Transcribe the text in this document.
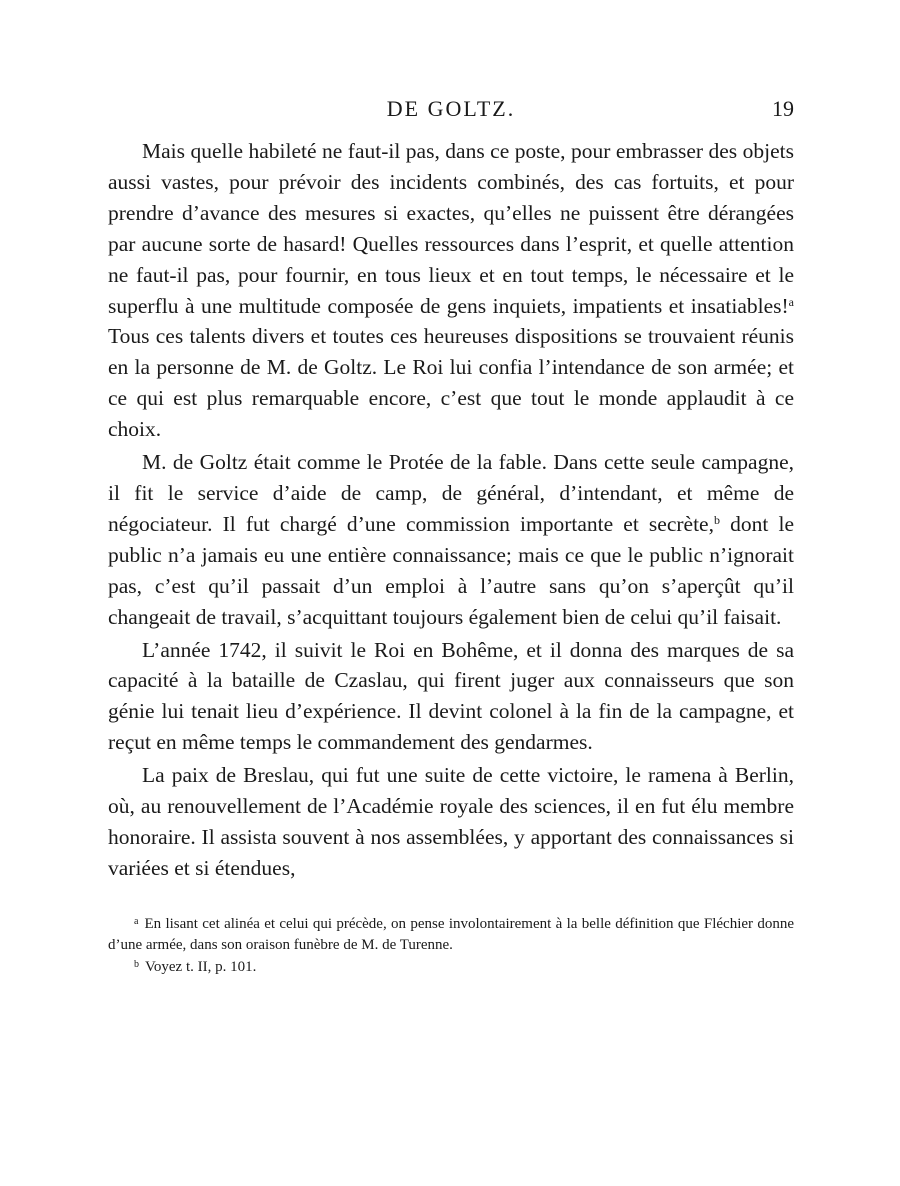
DE GOLTZ.	19

Mais quelle habileté ne faut-il pas, dans ce poste, pour embrasser des objets aussi vastes, pour prévoir des incidents combinés, des cas fortuits, et pour prendre d’avance des mesures si exactes, qu’elles ne puissent être dérangées par aucune sorte de hasard! Quelles ressources dans l’esprit, et quelle attention ne faut-il pas, pour fournir, en tous lieux et en tout temps, le nécessaire et le superflu à une multitude composée de gens inquiets, impatients et insatiables!$^a$ Tous ces talents divers et toutes ces heureuses dispositions se trouvaient réunis en la personne de M. de Goltz. Le Roi lui confia l’intendance de son armée; et ce qui est plus remarquable encore, c’est que tout le monde applaudit à ce choix.

M. de Goltz était comme le Protée de la fable. Dans cette seule campagne, il fit le service d’aide de camp, de général, d’intendant, et même de négociateur. Il fut chargé d’une commission importante et secrète,$^b$ dont le public n’a jamais eu une entière connaissance; mais ce que le public n’ignorait pas, c’est qu’il passait d’un emploi à l’autre sans qu’on s’aperçût qu’il changeait de travail, s’acquittant toujours également bien de celui qu’il faisait.

L’année 1742, il suivit le Roi en Bohême, et il donna des marques de sa capacité à la bataille de Czaslau, qui firent juger aux connaisseurs que son génie lui tenait lieu d’expérience. Il devint colonel à la fin de la campagne, et reçut en même temps le commandement des gendarmes.

La paix de Breslau, qui fut une suite de cette victoire, le ramena à Berlin, où, au renouvellement de l’Académie royale des sciences, il en fut élu membre honoraire. Il assista souvent à nos assemblées, y apportant des connaissances si variées et si étendues,

$^a$ En lisant cet alinéa et celui qui précède, on pense involontairement à la belle définition que Fléchier donne d’une armée, dans son oraison funèbre de M. de Turenne.

$^b$ Voyez t. II, p. 101.
